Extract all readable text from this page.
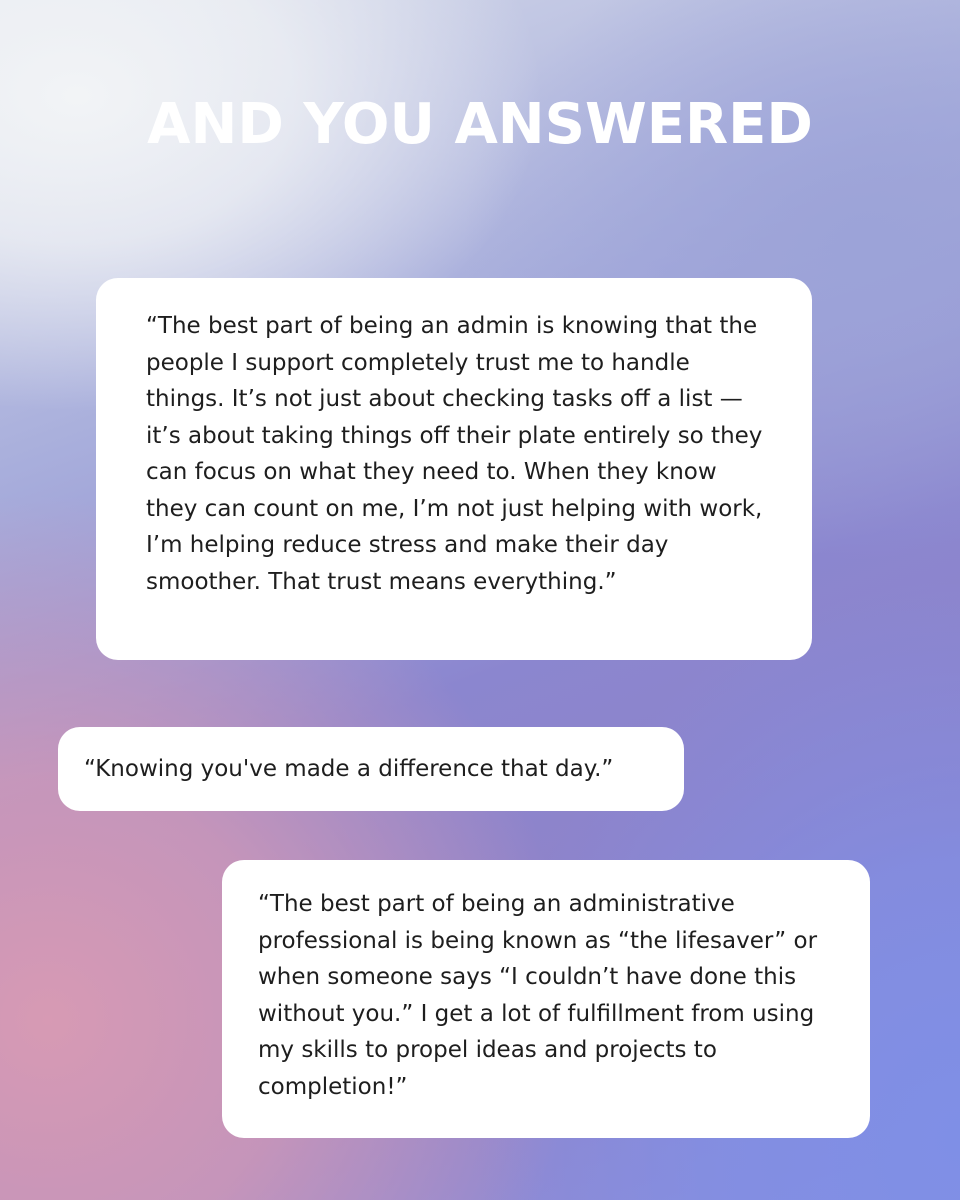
AND YOU ANSWERED

“The best part of being an admin is knowing that the people I support completely trust me to handle things. It’s not just about checking tasks off a list — it’s about taking things off their plate entirely so they can focus on what they need to. When they know they can count on me, I’m not just helping with work, I’m helping reduce stress and make their day smoother. That trust means everything.”

“Knowing you've made a difference that day.”

“The best part of being an administrative professional is being known as “the lifesaver” or when someone says “I couldn’t have done this without you.” I get a lot of fulfillment from using my skills to propel ideas and projects to completion!”
